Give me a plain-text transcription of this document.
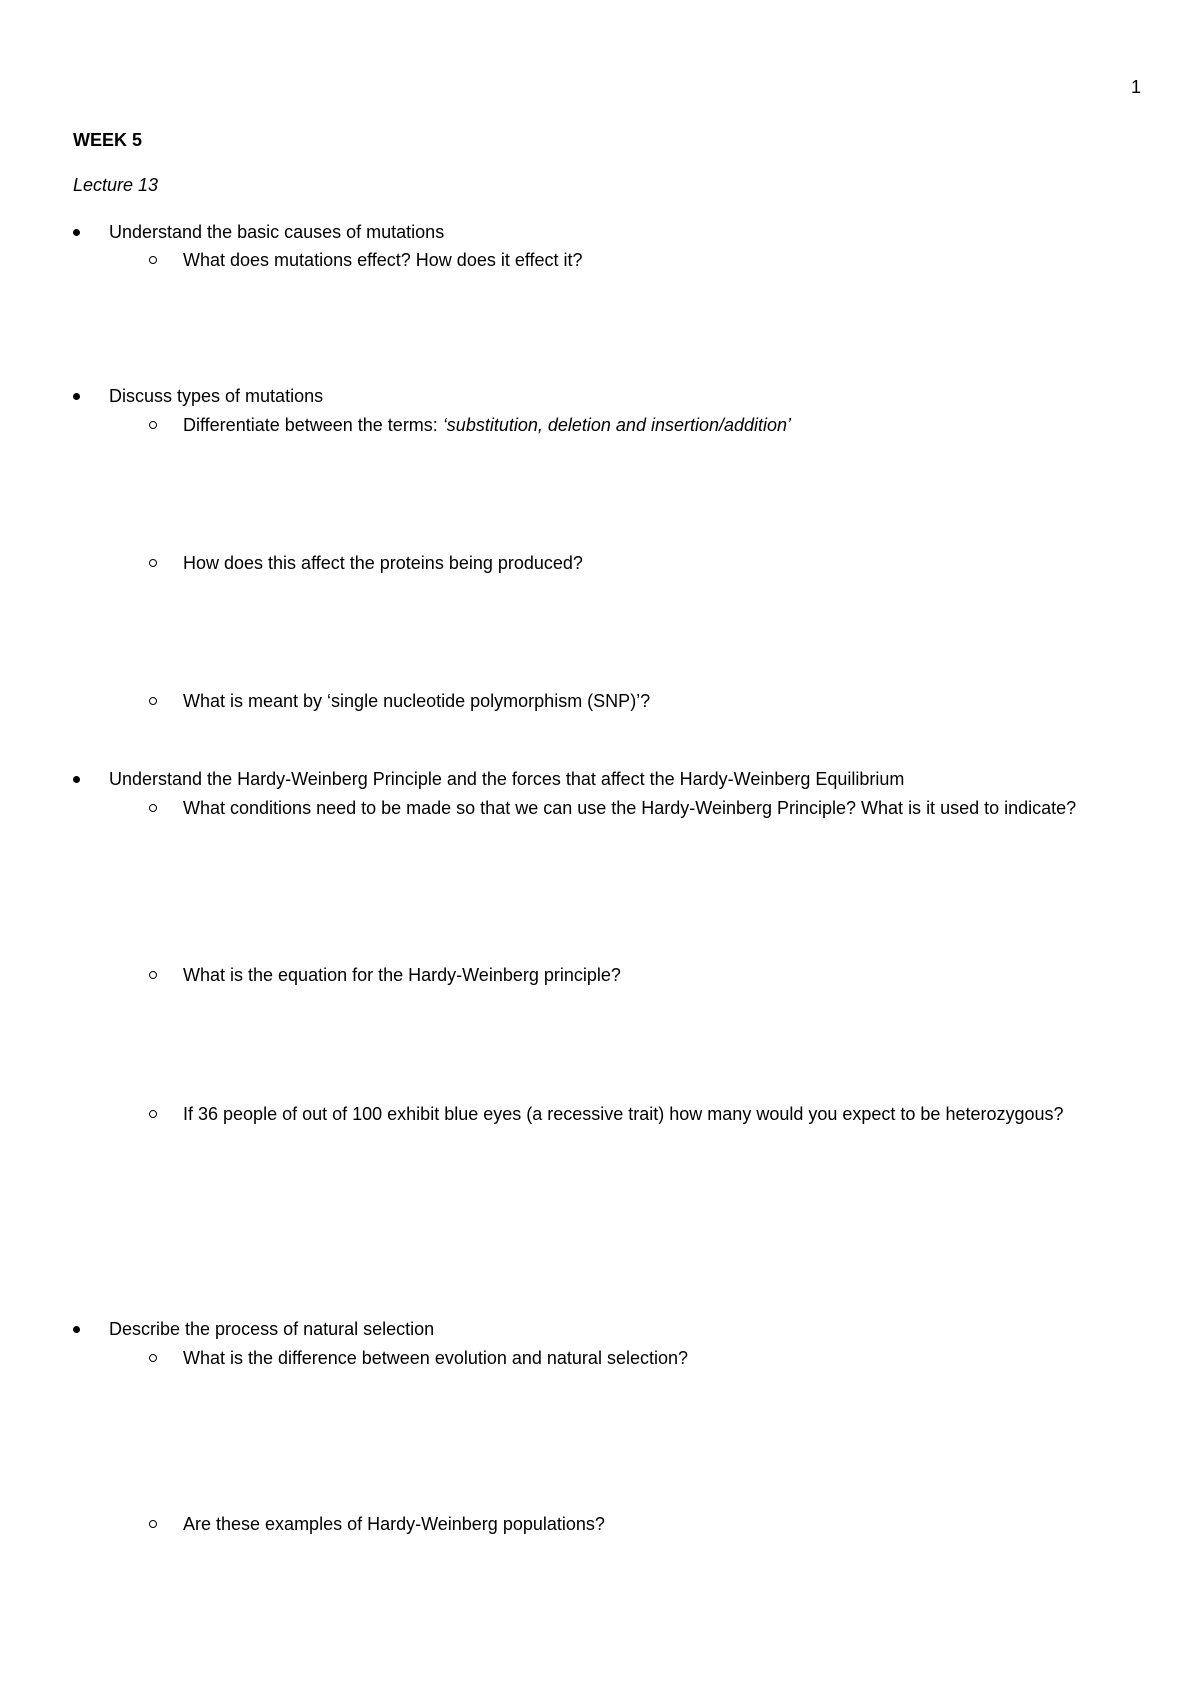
1
WEEK 5
Lecture 13
Understand the basic causes of mutations
What does mutations effect? How does it effect it?
Discuss types of mutations
Differentiate between the terms: ‘substitution, deletion and insertion/addition’
How does this affect the proteins being produced?
What is meant by ‘single nucleotide polymorphism (SNP)’?
Understand the Hardy-Weinberg Principle and the forces that affect the Hardy-Weinberg Equilibrium
What conditions need to be made so that we can use the Hardy-Weinberg Principle? What is it used to indicate?
What is the equation for the Hardy-Weinberg principle?
If 36 people of out of 100 exhibit blue eyes (a recessive trait) how many would you expect to be heterozygous?
Describe the process of natural selection
What is the difference between evolution and natural selection?
Are these examples of Hardy-Weinberg populations?
